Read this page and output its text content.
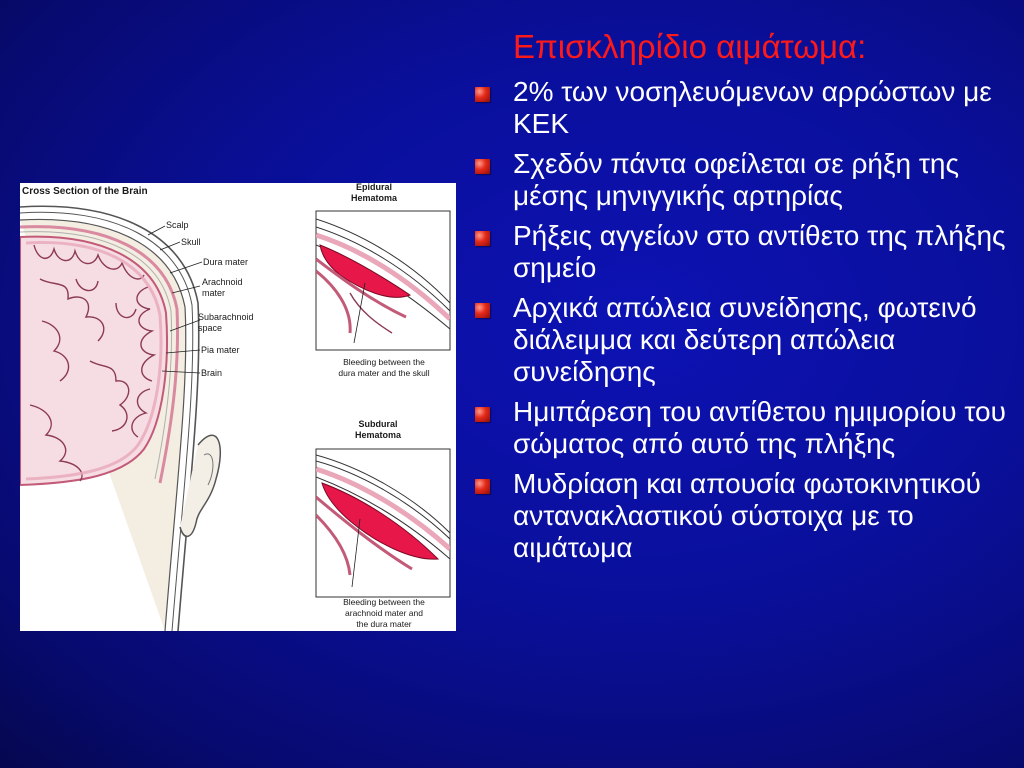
Cross Section of the Brain
Scalp
Skull
Dura mater
Arachnoid
mater
Subarachnoid
space
Pia mater
Brain
Epidural
Hematoma
Bleeding between the
dura mater and the skull
Subdural
Hematoma
Bleeding between the
arachnoid mater and
the dura mater
Επισκληρίδιο αιμάτωμα:
2% των νοσηλευόμενων αρρώστων με ΚΕΚ
Σχεδόν πάντα οφείλεται σε ρήξη της μέσης μηνιγγικής αρτηρίας
Ρήξεις αγγείων στο αντίθετο της πλήξης σημείο
Αρχικά απώλεια συνείδησης, φωτεινό διάλειμμα και δεύτερη απώλεια συνείδησης
Ημιπάρεση του αντίθετου ημιμορίου του σώματος από αυτό της πλήξης
Μυδρίαση και απουσία φωτοκινητικού αντανακλαστικού σύστοιχα με το αιμάτωμα
